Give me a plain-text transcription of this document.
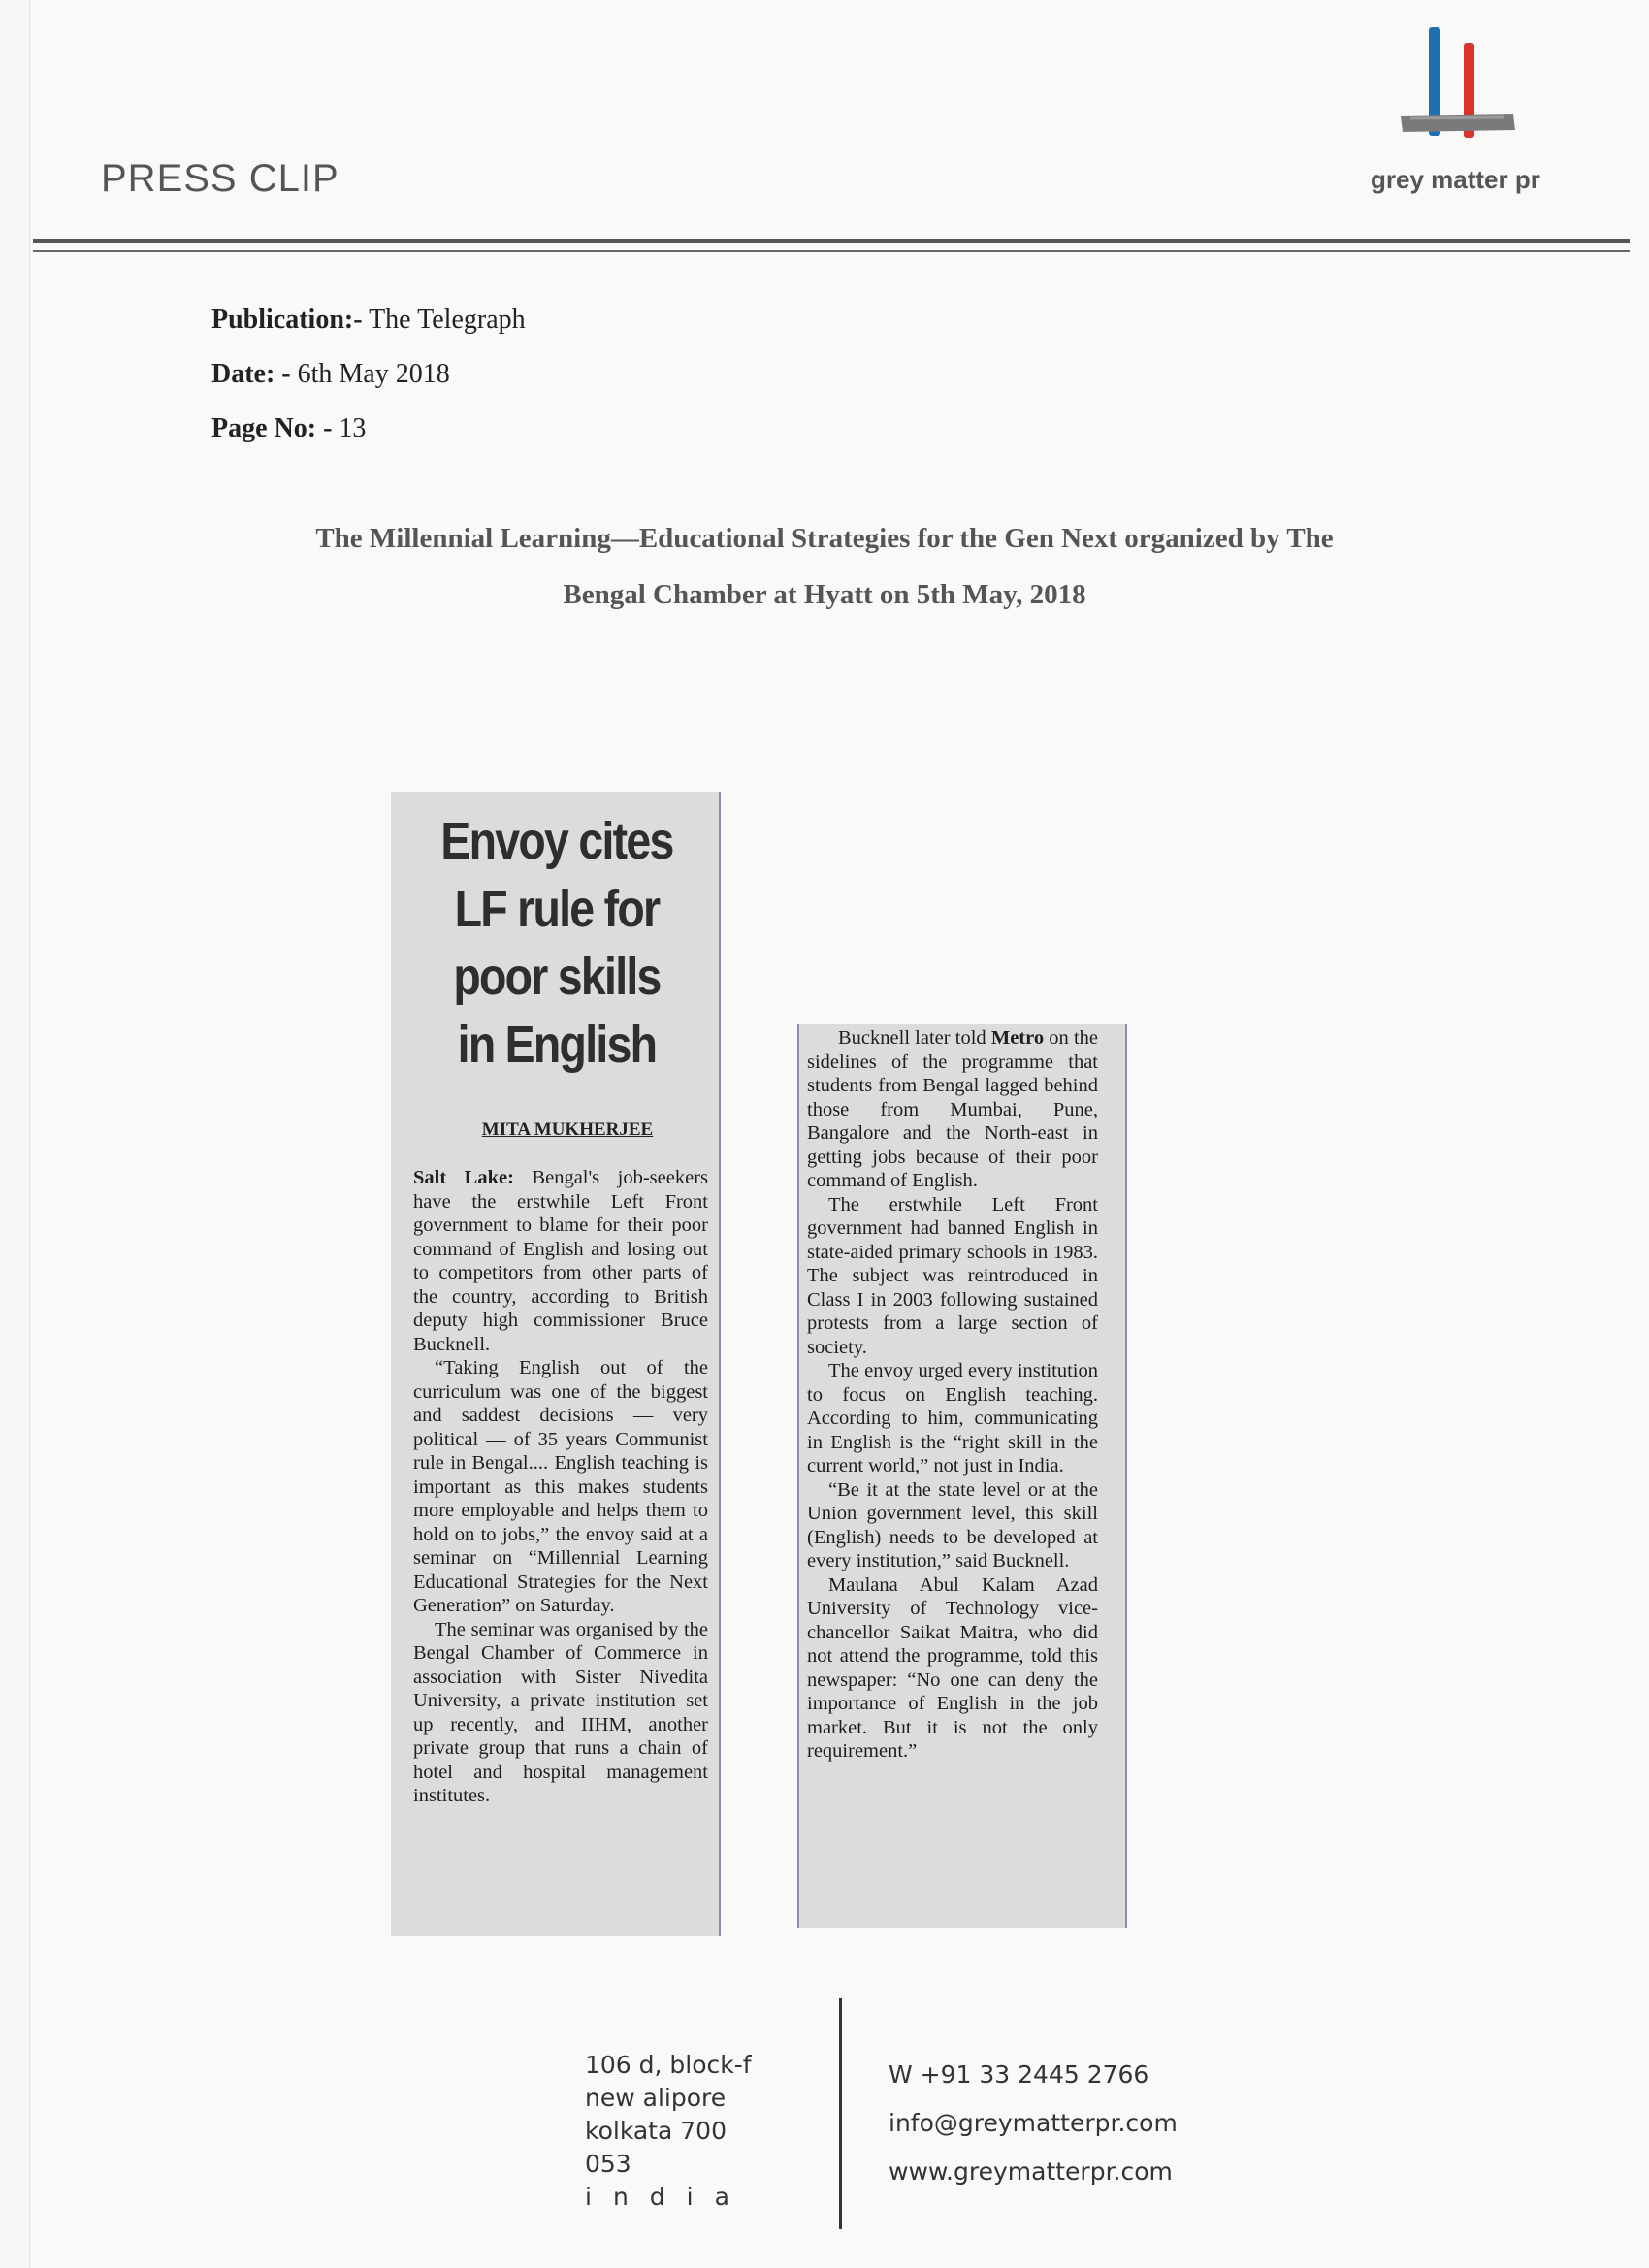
PRESS CLIP	grey matter pr
Publication:- The Telegraph
Date: - 6th May 2018
Page No: - 13
The Millennial Learning—Educational Strategies for the Gen Next organized by The
Bengal Chamber at Hyatt on 5th May, 2018
Envoy cites
LF rule for
poor skills
in English
MITA MUKHERJEE

Salt Lake: Bengal's job-seekers have the erstwhile Left Front government to blame for their poor command of English and losing out to competitors from other parts of the country, according to British deputy high commissioner Bruce Bucknell.

“Taking English out of the curriculum was one of the biggest and saddest decisions — very political — of 35 years Communist rule in Bengal.... English teaching is important as this makes students more employable and helps them to hold on to jobs,” the envoy said at a seminar on “Millennial Learning Educational Strategies for the Next Generation” on Saturday.

The seminar was organised by the Bengal Chamber of Commerce in association with Sister Nivedita University, a private institution set up recently, and IIHM, another private group that runs a chain of hotel and hospital management institutes.

Bucknell later told Metro on the sidelines of the programme that students from Bengal lagged behind those from Mumbai, Pune, Bangalore and the North-east in getting jobs because of their poor command of English.

The erstwhile Left Front government had banned English in state-aided primary schools in 1983. The subject was reintroduced in Class I in 2003 following sustained protests from a large section of society.

The envoy urged every institution to focus on English teaching. According to him, communicating in English is the “right skill in the current world,” not just in India.

“Be it at the state level or at the Union government level, this skill (English) needs to be developed at every institution,” said Bucknell.

Maulana Abul Kalam Azad University of Technology vice-chancellor Saikat Maitra, who did not attend the programme, told this newspaper: “No one can deny the importance of English in the job market. But it is not the only requirement.”

106 d, block-f
new alipore
kolkata 700 053
india
W +91 33 2445 2766
info@greymatterpr.com
www.greymatterpr.com
